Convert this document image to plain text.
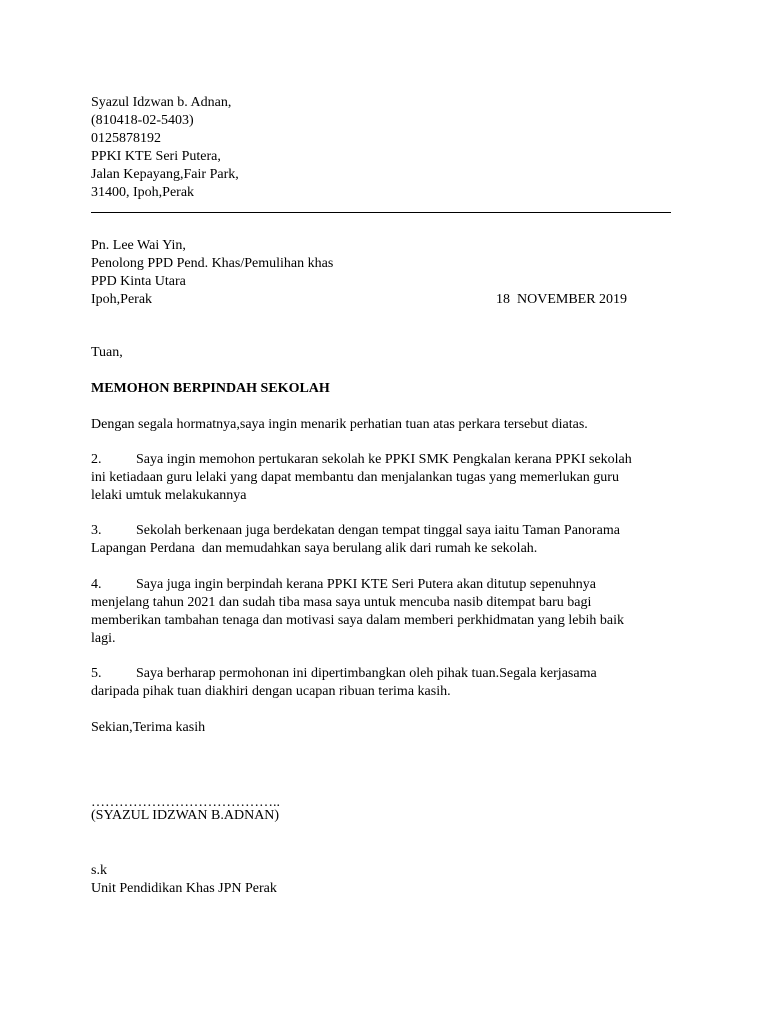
Syazul Idzwan b. Adnan,
(810418-02-5403)
0125878192
PPKI KTE Seri Putera,
Jalan Kepayang,Fair Park,
31400, Ipoh,Perak
Pn. Lee Wai Yin,
Penolong PPD Pend. Khas/Pemulihan khas
PPD Kinta Utara
Ipoh,Perak	18  NOVEMBER 2019
Tuan,
MEMOHON BERPINDAH SEKOLAH
Dengan segala hormatnya,saya ingin menarik perhatian tuan atas perkara tersebut diatas.
2. Saya ingin memohon pertukaran sekolah ke PPKI SMK Pengkalan kerana PPKI sekolah
ini ketiadaan guru lelaki yang dapat membantu dan menjalankan tugas yang memerlukan guru
lelaki umtuk melakukannya
3. Sekolah berkenaan juga berdekatan dengan tempat tinggal saya iaitu Taman Panorama
Lapangan Perdana  dan memudahkan saya berulang alik dari rumah ke sekolah.
4. Saya juga ingin berpindah kerana PPKI KTE Seri Putera akan ditutup sepenuhnya
menjelang tahun 2021 dan sudah tiba masa saya untuk mencuba nasib ditempat baru bagi
memberikan tambahan tenaga dan motivasi saya dalam memberi perkhidmatan yang lebih baik
lagi.
5. Saya berharap permohonan ini dipertimbangkan oleh pihak tuan.Segala kerjasama
daripada pihak tuan diakhiri dengan ucapan ribuan terima kasih.
Sekian,Terima kasih
…………………………………..
(SYAZUL IDZWAN B.ADNAN)
s.k
Unit Pendidikan Khas JPN Perak
